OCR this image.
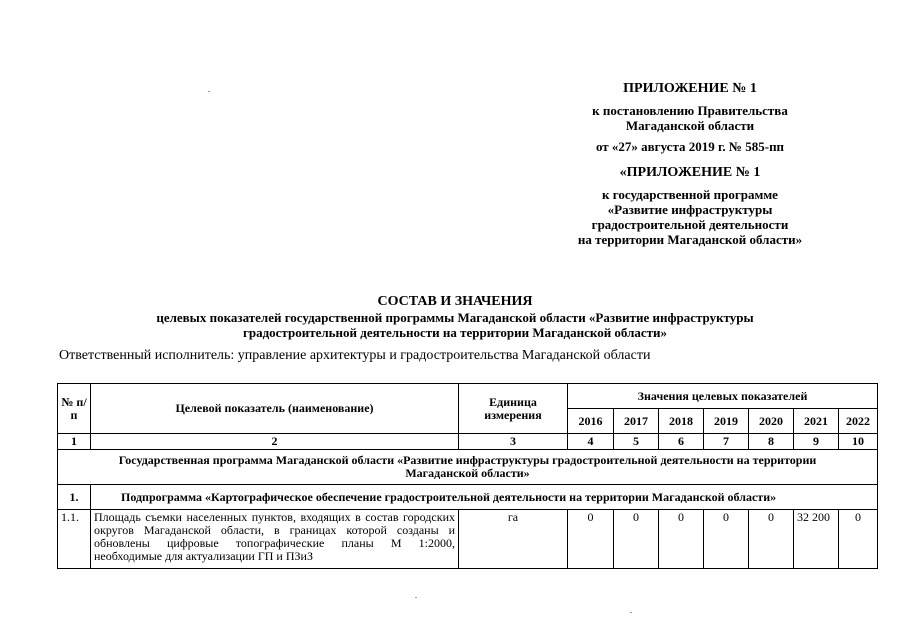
ПРИЛОЖЕНИЕ № 1
к постановлению Правительства
Магаданской области
от «27» августа 2019 г. № 585-пп
«ПРИЛОЖЕНИЕ № 1
к государственной программе
«Развитие инфраструктуры
градостроительной деятельности
на территории Магаданской области»
СОСТАВ И ЗНАЧЕНИЯ
целевых показателей государственной программы Магаданской области «Развитие инфраструктуры
градостроительной деятельности на территории Магаданской области»
Ответственный исполнитель: управление архитектуры и градостроительства Магаданской области
№ п/п	Целевой показатель (наименование)	Единица измерения	Значения целевых показателей						
			2016	2017	2018	2019	2020	2021	2022
1	2	3	4	5	6	7	8	9	10
Государственная программа Магаданской области «Развитие инфраструктуры градостроительной деятельности на территории Магаданской области»									
1.	Подпрограмма «Картографическое обеспечение градостроительной деятельности на территории Магаданской области»								
1.1.	Площадь съемки населенных пунктов, входящих в состав городских округов Магаданской области, в границах которой созданы и обновлены цифровые топографические планы М 1:2000, необходимые для актуализации ГП и ПЗиЗ	га	0	0	0	0	0	32 200	0
